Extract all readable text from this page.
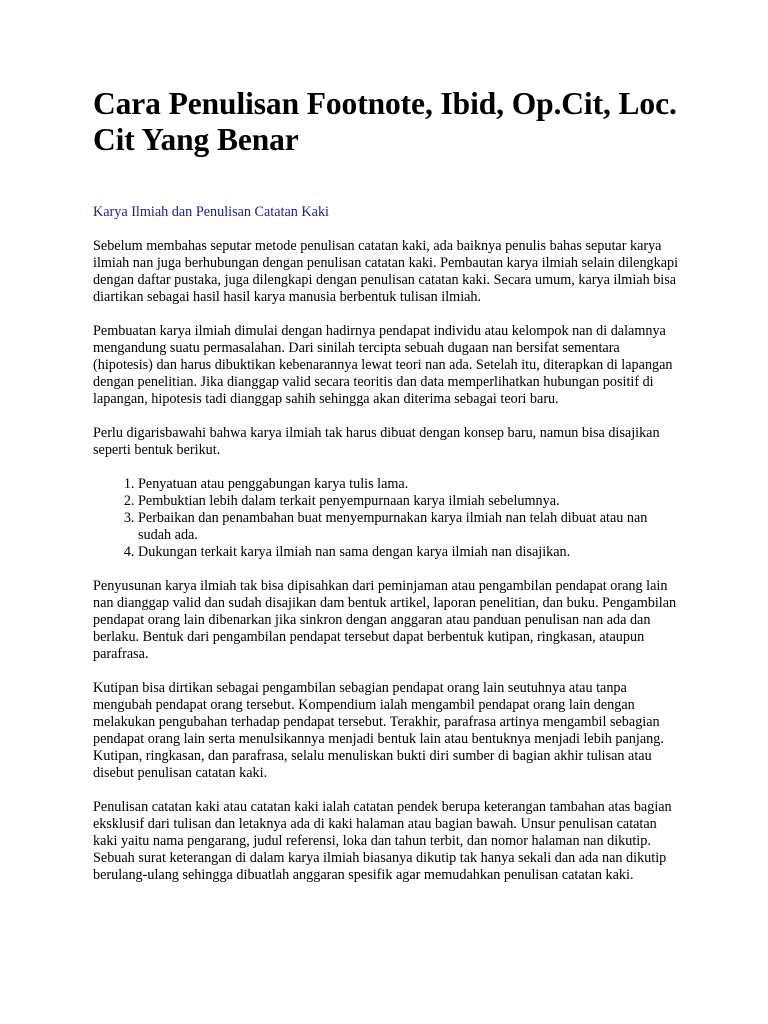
Cara Penulisan Footnote, Ibid, Op.Cit, Loc. Cit Yang Benar

Karya Ilmiah dan Penulisan Catatan Kaki

Sebelum membahas seputar metode penulisan catatan kaki, ada baiknya penulis bahas seputar karya ilmiah nan juga berhubungan dengan penulisan catatan kaki. Pembautan karya ilmiah selain dilengkapi dengan daftar pustaka, juga dilengkapi dengan penulisan catatan kaki. Secara umum, karya ilmiah bisa diartikan sebagai hasil hasil karya manusia berbentuk tulisan ilmiah.

Pembuatan karya ilmiah dimulai dengan hadirnya pendapat individu atau kelompok nan di dalamnya mengandung suatu permasalahan. Dari sinilah tercipta sebuah dugaan nan bersifat sementara (hipotesis) dan harus dibuktikan kebenarannya lewat teori nan ada. Setelah itu, diterapkan di lapangan dengan penelitian. Jika dianggap valid secara teoritis dan data memperlihatkan hubungan positif di lapangan, hipotesis tadi dianggap sahih sehingga akan diterima sebagai teori baru.

Perlu digarisbawahi bahwa karya ilmiah tak harus dibuat dengan konsep baru, namun bisa disajikan seperti bentuk berikut.

1. Penyatuan atau penggabungan karya tulis lama.
2. Pembuktian lebih dalam terkait penyempurnaan karya ilmiah sebelumnya.
3. Perbaikan dan penambahan buat menyempurnakan karya ilmiah nan telah dibuat atau nan sudah ada.
4. Dukungan terkait karya ilmiah nan sama dengan karya ilmiah nan disajikan.

Penyusunan karya ilmiah tak bisa dipisahkan dari peminjaman atau pengambilan pendapat orang lain nan dianggap valid dan sudah disajikan dam bentuk artikel, laporan penelitian, dan buku. Pengambilan pendapat orang lain dibenarkan jika sinkron dengan anggaran atau panduan penulisan nan ada dan berlaku. Bentuk dari pengambilan pendapat tersebut dapat berbentuk kutipan, ringkasan, ataupun parafrasa.

Kutipan bisa dirtikan sebagai pengambilan sebagian pendapat orang lain seutuhnya atau tanpa mengubah pendapat orang tersebut. Kompendium ialah mengambil pendapat orang lain dengan melakukan pengubahan terhadap pendapat tersebut. Terakhir, parafrasa artinya mengambil sebagian pendapat orang lain serta menulsikannya menjadi bentuk lain atau bentuknya menjadi lebih panjang. Kutipan, ringkasan, dan parafrasa, selalu menuliskan bukti diri sumber di bagian akhir tulisan atau disebut penulisan catatan kaki.

Penulisan catatan kaki atau catatan kaki ialah catatan pendek berupa keterangan tambahan atas bagian eksklusif dari tulisan dan letaknya ada di kaki halaman atau bagian bawah. Unsur penulisan catatan kaki yaitu nama pengarang, judul referensi, loka dan tahun terbit, dan nomor halaman nan dikutip. Sebuah surat keterangan di dalam karya ilmiah biasanya dikutip tak hanya sekali dan ada nan dikutip berulang-ulang sehingga dibuatlah anggaran spesifik agar memudahkan penulisan catatan kaki.
